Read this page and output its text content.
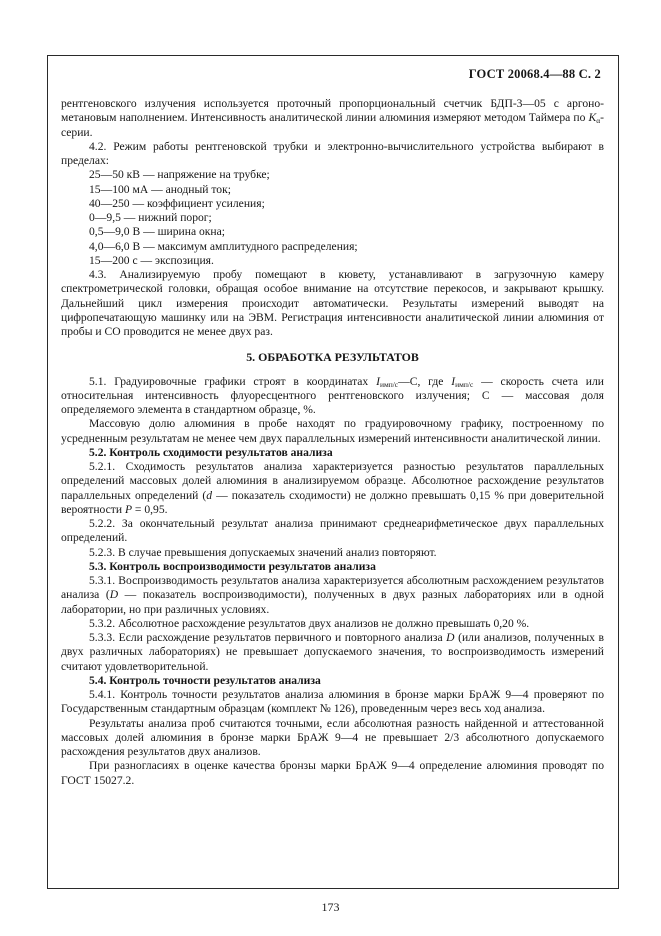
ГОСТ 20068.4—88 С. 2
рентгеновского излучения используется проточный пропорциональный счетчик БДП-3—05 с аргоно-метановым наполнением. Интенсивность аналитической линии алюминия измеряют методом Таймера по $K_\alpha$-серии.
4.2. Режим работы рентгеновской трубки и электронно-вычислительного устройства выбирают в пределах:
25—50 кВ — напряжение на трубке;
15—100 мА — анодный ток;
40—250 — коэффициент усиления;
0—9,5 — нижний порог;
0,5—9,0 В — ширина окна;
4,0—6,0 В — максимум амплитудного распределения;
15—200 с — экспозиция.
4.3. Анализируемую пробу помещают в кювету, устанавливают в загрузочную камеру спектрометрической головки, обращая особое внимание на отсутствие перекосов, и закрывают крышку. Дальнейший цикл измерения происходит автоматически. Результаты измерений выводят на цифропечатающую машинку или на ЭВМ. Регистрация интенсивности аналитической линии алюминия от пробы и СО проводится не менее двух раз.
5. ОБРАБОТКА РЕЗУЛЬТАТОВ
5.1. Градуировочные графики строят в координатах $I_{имп/с}—С$, где $I_{имп/с}$ — скорость счета или относительная интенсивность флуоресцентного рентгеновского излучения; С — массовая доля определяемого элемента в стандартном образце, %.
Массовую долю алюминия в пробе находят по градуировочному графику, построенному по усредненным результатам не менее чем двух параллельных измерений интенсивности аналитической линии.
5.2. Контроль сходимости результатов анализа
5.2.1. Сходимость результатов анализа характеризуется разностью результатов параллельных определений массовых долей алюминия в анализируемом образце. Абсолютное расхождение результатов параллельных определений (d — показатель сходимости) не должно превышать 0,15 % при доверительной вероятности Р = 0,95.
5.2.2. За окончательный результат анализа принимают среднеарифметическое двух параллельных определений.
5.2.3. В случае превышения допускаемых значений анализ повторяют.
5.3. Контроль воспроизводимости результатов анализа
5.3.1. Воспроизводимость результатов анализа характеризуется абсолютным расхождением результатов анализа (D — показатель воспроизводимости), полученных в двух разных лабораториях или в одной лаборатории, но при различных условиях.
5.3.2. Абсолютное расхождение результатов двух анализов не должно превышать 0,20 %.
5.3.3. Если расхождение результатов первичного и повторного анализа D (или анализов, полученных в двух различных лабораториях) не превышает допускаемого значения, то воспроизводимость измерений считают удовлетворительной.
5.4. Контроль точности результатов анализа
5.4.1. Контроль точности результатов анализа алюминия в бронзе марки БрАЖ 9—4 проверяют по Государственным стандартным образцам (комплект № 126), проведенным через весь ход анализа.
Результаты анализа проб считаются точными, если абсолютная разность найденной и аттестованной массовых долей алюминия в бронзе марки БрАЖ 9—4 не превышает 2/3 абсолютного допускаемого расхождения результатов двух анализов.
При разногласиях в оценке качества бронзы марки БрАЖ 9—4 определение алюминия проводят по ГОСТ 15027.2.
173
